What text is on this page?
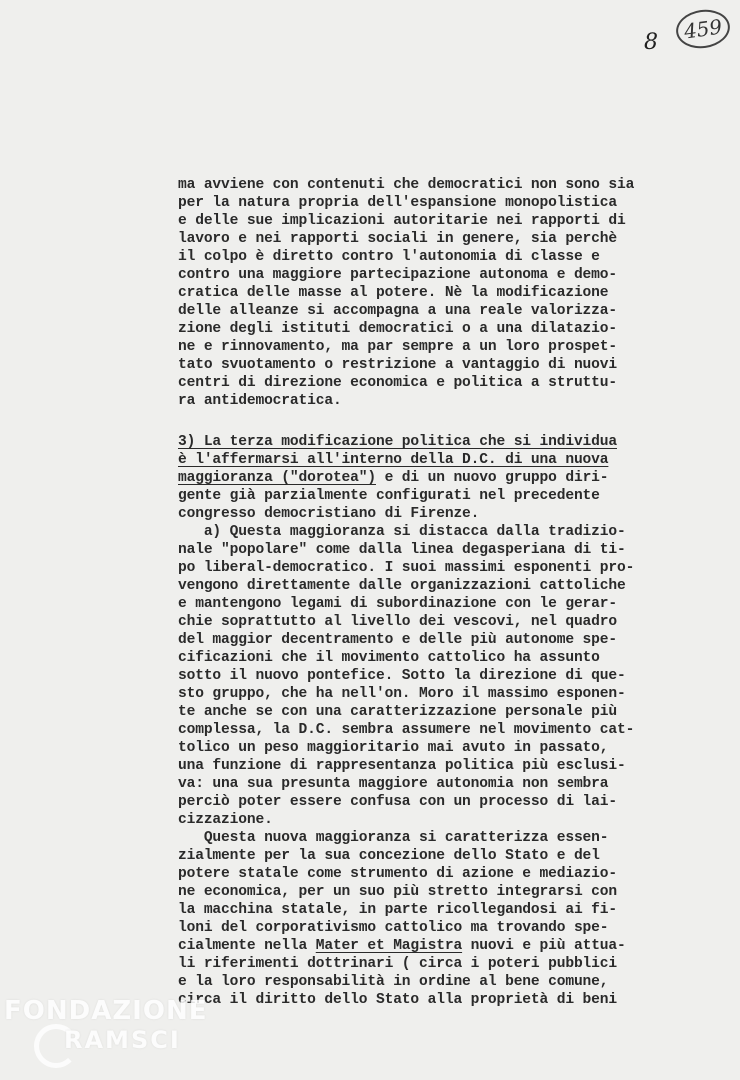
459
8
ma avviene con contenuti che democratici non sono sia
per la natura propria dell'espansione monopolistica
e delle sue implicazioni autoritarie nei rapporti di
lavoro e nei rapporti sociali in genere, sia perchè
il colpo è diretto contro l'autonomia di classe e
contro una maggiore partecipazione autonoma e demo-
cratica delle masse al potere. Nè la modificazione
delle alleanze si accompagna a una reale valorizza-
zione degli istituti democratici o a una dilatazio-
ne e rinnovamento, ma par sempre a un loro prospet-
tato svuotamento o restrizione a vantaggio di nuovi
centri di direzione economica e politica a struttu-
ra antidemocratica.
3) La terza modificazione politica che si individua
è l'affermarsi all'interno della D.C. di una nuova
maggioranza ("dorotea") e di un nuovo gruppo diri-
gente già parzialmente configurati nel precedente
congresso democristiano di Firenze.
a) Questa maggioranza si distacca dalla tradizio-
nale "popolare" come dalla linea degasperiana di ti-
po liberal-democratico. I suoi massimi esponenti pro-
vengono direttamente dalle organizzazioni cattoliche
e mantengono legami di subordinazione con le gerar-
chie soprattutto al livello dei vescovi, nel quadro
del maggior decentramento e delle più autonome spe-
cificazioni che il movimento cattolico ha assunto
sotto il nuovo pontefice. Sotto la direzione di que-
sto gruppo, che ha nell'on. Moro il massimo esponen-
te anche se con una caratterizzazione personale più
complessa, la D.C. sembra assumere nel movimento cat-
tolico un peso maggioritario mai avuto in passato,
una funzione di rappresentanza politica più esclusi-
va: una sua presunta maggiore autonomia non sembra
perciò poter essere confusa con un processo di lai-
cizzazione.
Questa nuova maggioranza si caratterizza essen-
zialmente per la sua concezione dello Stato e del
potere statale come strumento di azione e mediazio-
ne economica, per un suo più stretto integrarsi con
la macchina statale, in parte ricollegandosi ai fi-
loni del corporativismo cattolico ma trovando spe-
cialmente nella Mater et Magistra nuovi e più attua-
li riferimenti dottrinari ( circa i poteri pubblici
e la loro responsabilità in ordine al bene comune,
circa il diritto dello Stato alla proprietà di beni
FONDAZIONE
RAMSCI
